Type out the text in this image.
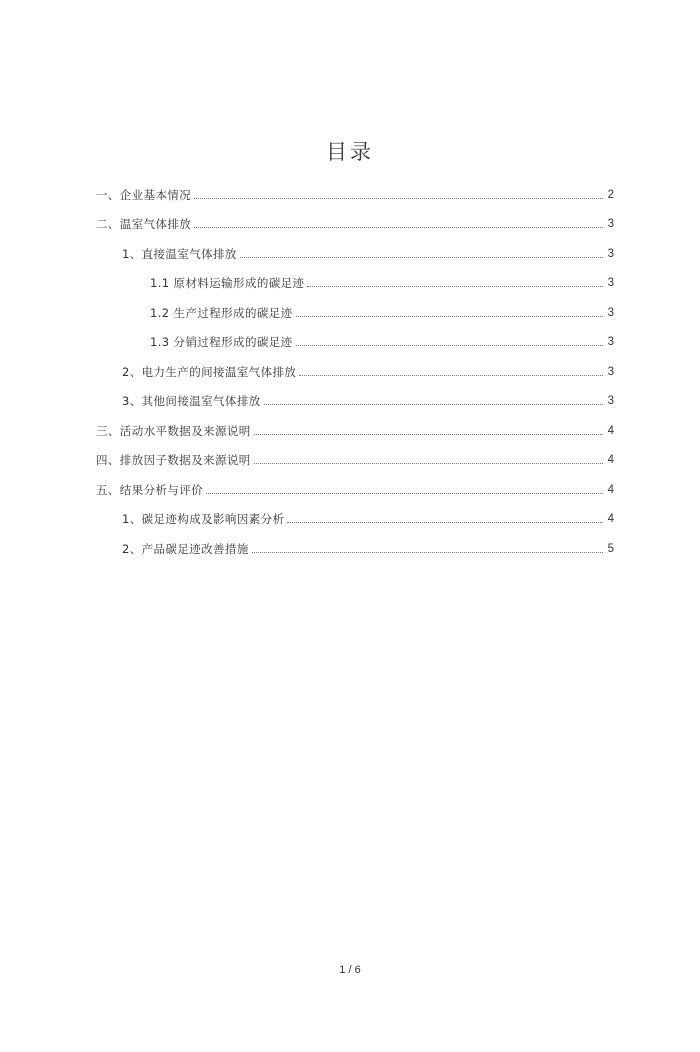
目录
一、企业基本情况	2
二、温室气体排放	3
1、直接温室气体排放	3
1.1 原材料运输形成的碳足迹	3
1.2 生产过程形成的碳足迹	3
1.3 分销过程形成的碳足迹	3
2、电力生产的间接温室气体排放	3
3、其他间接温室气体排放	3
三、活动水平数据及来源说明	4
四、排放因子数据及来源说明	4
五、结果分析与评价	4
1、碳足迹构成及影响因素分析	4
2、产品碳足迹改善措施	5
1 / 6
